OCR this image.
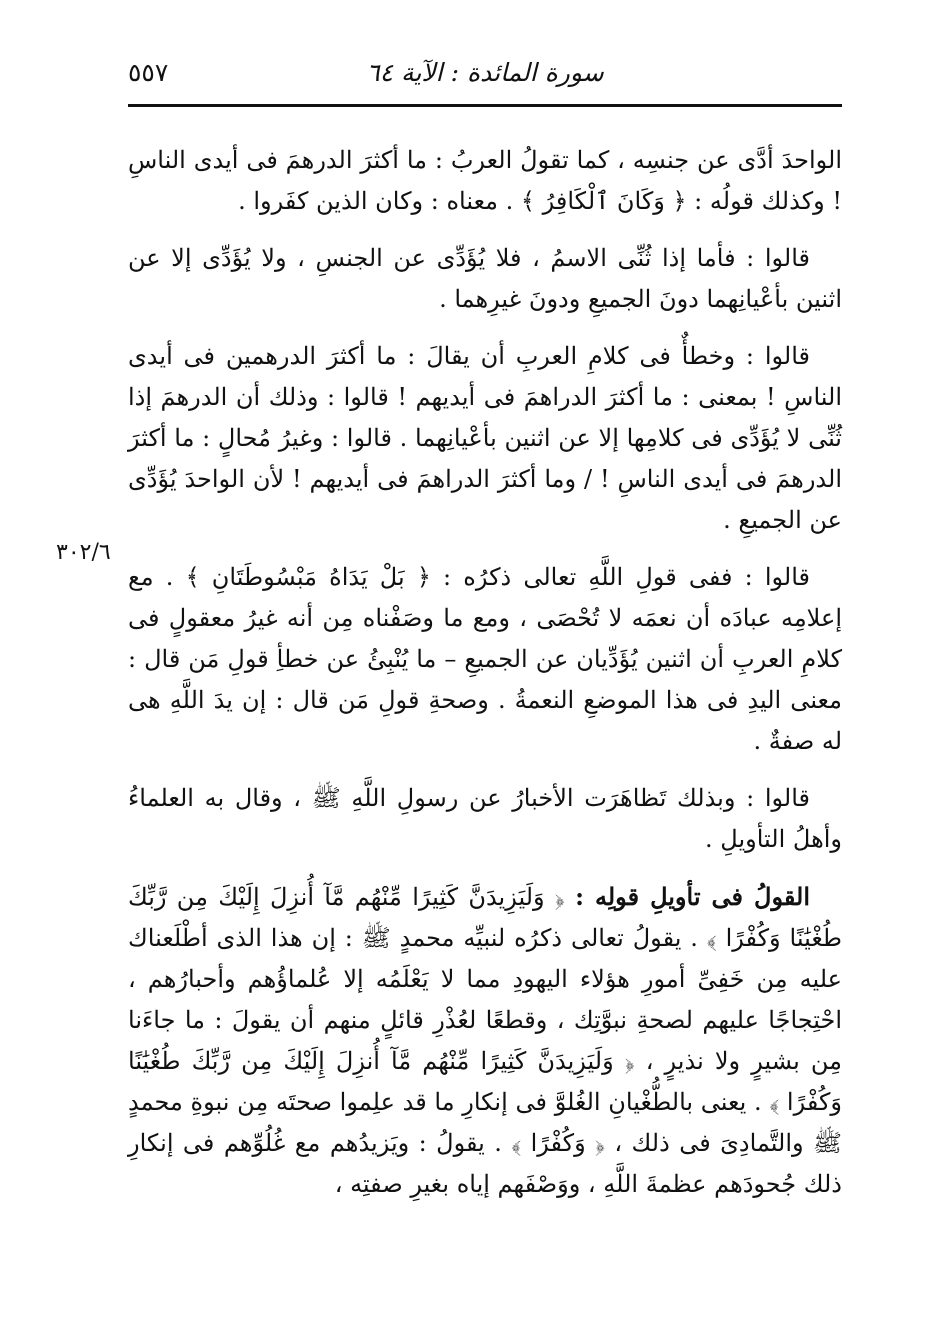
سورة المائدة : الآية ٦٤
٥٥٧
٣٠٢/٦

الواحدَ أدَّى عن جنسِه ، كما تقولُ العربُ : ما أكثرَ الدرهمَ فى أيدى الناسِ ! وكذلك قولُه : ﴿ وَكَانَ ٱلْكَافِرُ ﴾ . معناه : وكان الذين كفَروا .

قالوا : فأما إذا ثُنِّى الاسمُ ، فلا يُؤَدِّى عن الجنسِ ، ولا يُؤَدِّى إلا عن اثنين بأعْيانِهما دونَ الجميعِ ودونَ غيرِهما .

قالوا : وخطأٌ فى كلامِ العربِ أن يقالَ : ما أكثرَ الدرهمين فى أيدى الناسِ ! بمعنى : ما أكثرَ الدراهمَ فى أيديهم ! قالوا : وذلك أن الدرهمَ إذا ثُنِّى لا يُؤَدِّى فى كلامِها إلا عن اثنين بأعْيانِهما . قالوا : وغيرُ مُحالٍ : ما أكثرَ الدرهمَ فى أيدى الناسِ ! / وما أكثرَ الدراهمَ فى أيديهم ! لأن الواحدَ يُؤَدِّى عن الجميعِ .

قالوا : ففى قولِ اللَّهِ تعالى ذكرُه : ﴿ بَلْ يَدَاهُ مَبْسُوطَتَانِ ﴾ . مع إعلامِه عبادَه أن نعمَه لا تُحْصَى ، ومع ما وصَفْناه مِن أنه غيرُ معقولٍ فى كلامِ العربِ أن اثنين يُؤَدِّيان عن الجميعِ – ما يُنْبِئُ عن خطأِ قولِ مَن قال : معنى اليدِ فى هذا الموضعِ النعمةُ . وصحةِ قولِ مَن قال : إن يدَ اللَّهِ هى له صفةٌ .

قالوا : وبذلك تَظاهَرَت الأخبارُ عن رسولِ اللَّهِ ﷺ ، وقال به العلماءُ وأهلُ التأويلِ .

القولُ فى تأويلِ قولِه : ﴿ وَلَيَزِيدَنَّ كَثِيرًا مِّنْهُم مَّآ أُنزِلَ إِلَيْكَ مِن رَّبِّكَ طُغْيَٰنًا وَكُفْرًا ﴾ . يقولُ تعالى ذكرُه لنبيِّه محمدٍ ﷺ : إن هذا الذى أطْلَعناك عليه مِن خَفِىِّ أمورِ هؤلاء اليهودِ مما لا يَعْلَمُه إلا عُلماؤُهم وأحبارُهم ، احْتِجاجًا عليهم لصحةِ نبوَّتِك ، وقطعًا لعُذْرِ قائلٍ منهم أن يقولَ : ما جاءَنا مِن بشيرٍ ولا نذيرٍ ، ﴿ وَلَيَزِيدَنَّ كَثِيرًا مِّنْهُم مَّآ أُنزِلَ إِلَيْكَ مِن رَّبِّكَ طُغْيَٰنًا وَكُفْرًا ﴾ . يعنى بالطُّغْيانِ الغُلوَّ فى إنكارِ ما قد علِموا صحتَه مِن نبوةِ محمدٍ ﷺ والتَّمادِىَ فى ذلك ، ﴿ وَكُفْرًا ﴾ . يقولُ : ويَزيدُهم مع غُلُوِّهم فى إنكارِ ذلك جُحودَهم عظمةَ اللَّهِ ، ووَصْفَهم إياه بغيرِ صفتِه ،
